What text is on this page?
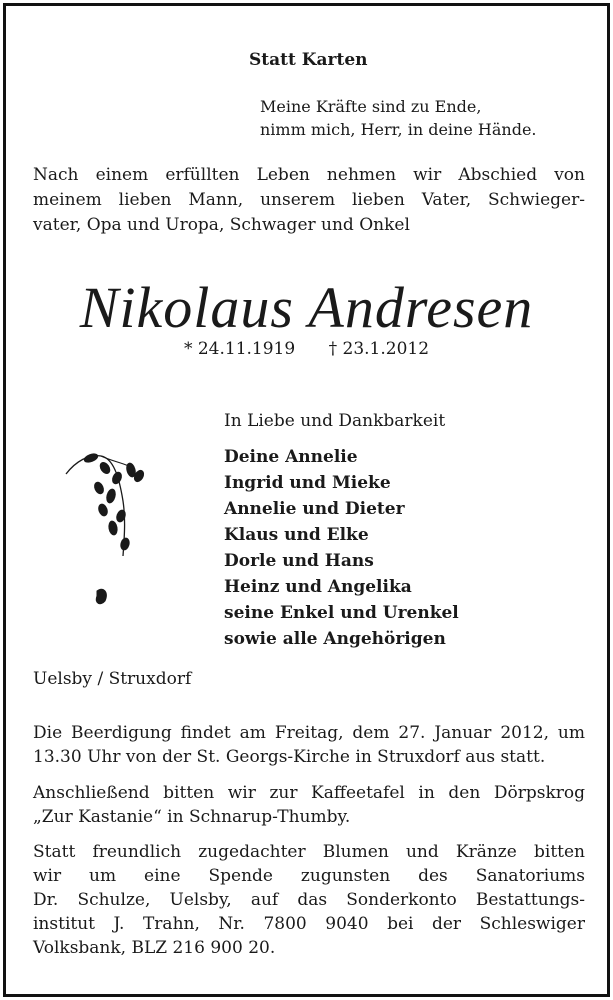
Statt Karten
Meine Kräfte sind zu Ende,
nimm mich, Herr, in deine Hände.
Nach einem erfüllten Leben nehmen wir Abschied von
meinem lieben Mann, unserem lieben Vater, Schwieger-
vater, Opa und Uropa, Schwager und Onkel
Nikolaus Andresen
* 24.11.1919 † 23.1.2012
In Liebe und Dankbarkeit
Deine Annelie
Ingrid und Mieke
Annelie und Dieter
Klaus und Elke
Dorle und Hans
Heinz und Angelika
seine Enkel und Urenkel
sowie alle Angehörigen
Uelsby / Struxdorf
Die Beerdigung findet am Freitag, dem 27. Januar 2012, um
13.30 Uhr von der St. Georgs-Kirche in Struxdorf aus statt.
Anschließend bitten wir zur Kaffeetafel in den Dörpskrog
„Zur Kastanie“ in Schnarup-Thumby.
Statt freundlich zugedachter Blumen und Kränze bitten
wir um eine Spende zugunsten des Sanatoriums
Dr. Schulze, Uelsby, auf das Sonderkonto Bestattungs-
institut J. Trahn, Nr. 7800 9040 bei der Schleswiger
Volksbank, BLZ 216 900 20.
